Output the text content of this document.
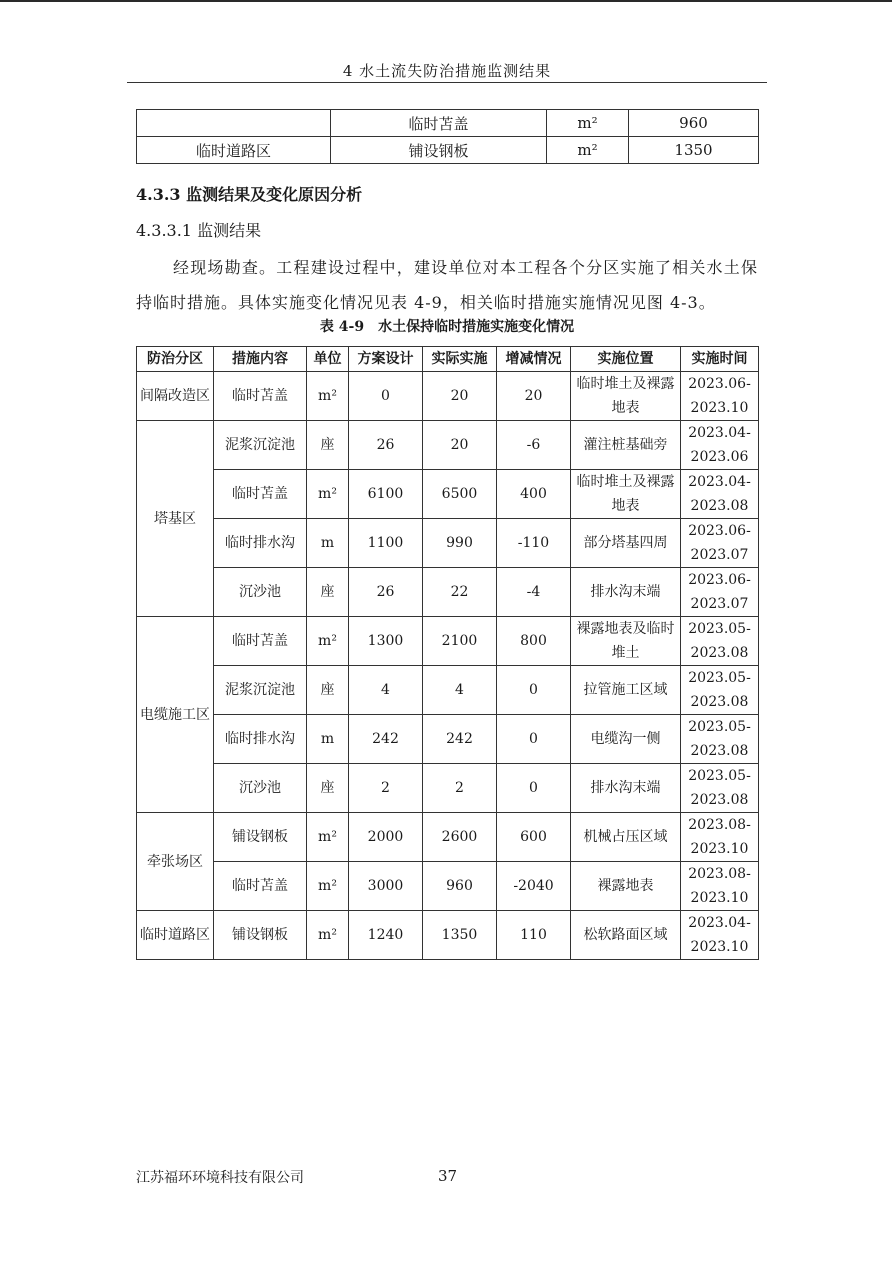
4 水土流失防治措施监测结果
	临时苫盖	m²	960
临时道路区	铺设钢板	m²	1350
4.3.3 监测结果及变化原因分析
4.3.3.1 监测结果
经现场勘查。工程建设过程中，建设单位对本工程各个分区实施了相关水土保持临时措施。具体实施变化情况见表 4-9，相关临时措施实施情况见图 4-3。
表 4-9　水土保持临时措施实施变化情况
防治分区	措施内容	单位	方案设计	实际实施	增减情况	实施位置	实施时间
间隔改造区	临时苫盖	m²	0	20	20	临时堆土及裸露地表	2023.06-2023.10
塔基区	泥浆沉淀池	座	26	20	-6	灌注桩基础旁	2023.04-2023.06
	临时苫盖	m²	6100	6500	400	临时堆土及裸露地表	2023.04-2023.08
	临时排水沟	m	1100	990	-110	部分塔基四周	2023.06-2023.07
	沉沙池	座	26	22	-4	排水沟末端	2023.06-2023.07
电缆施工区	临时苫盖	m²	1300	2100	800	裸露地表及临时堆土	2023.05-2023.08
	泥浆沉淀池	座	4	4	0	拉管施工区域	2023.05-2023.08
	临时排水沟	m	242	242	0	电缆沟一侧	2023.05-2023.08
	沉沙池	座	2	2	0	排水沟末端	2023.05-2023.08
牵张场区	铺设钢板	m²	2000	2600	600	机械占压区域	2023.08-2023.10
	临时苫盖	m²	3000	960	-2040	裸露地表	2023.08-2023.10
临时道路区	铺设钢板	m²	1240	1350	110	松软路面区域	2023.04-2023.10
江苏福环环境科技有限公司	37
